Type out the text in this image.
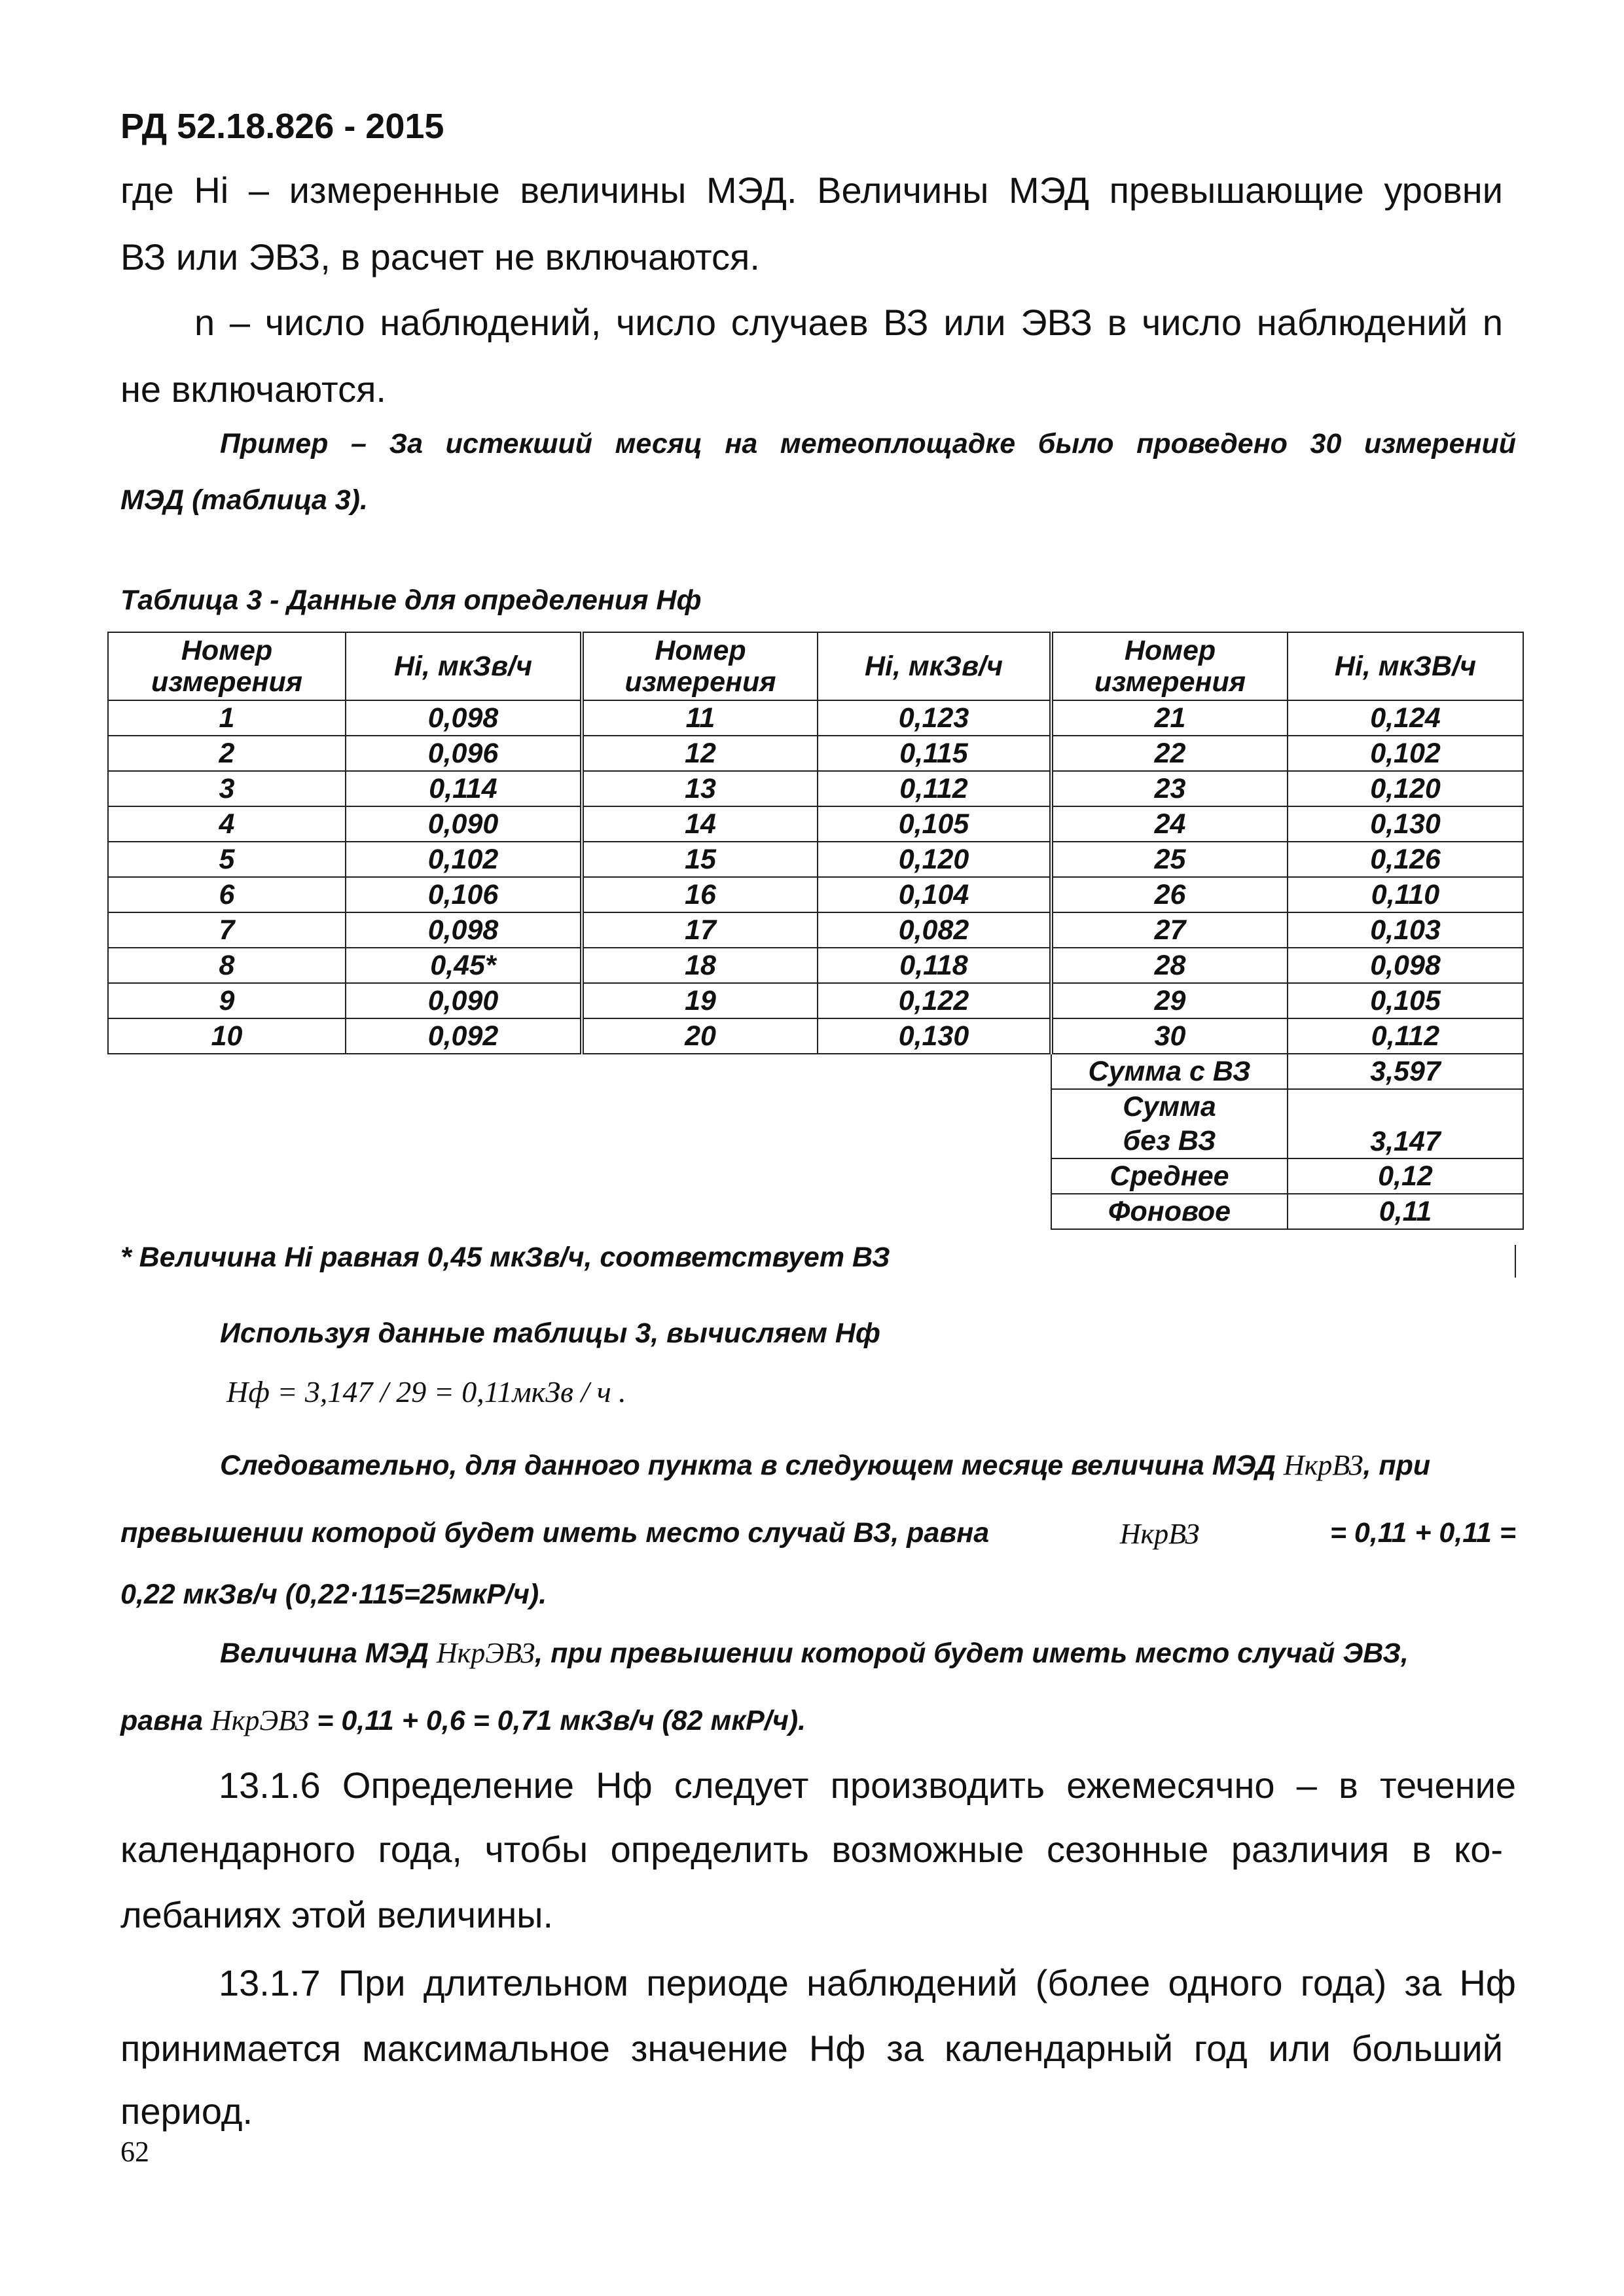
РД 52.18.826 - 2015
где Hi – измеренные величины МЭД. Величины МЭД превышающие уровни
ВЗ или ЭВЗ, в расчет не включаются.
n – число наблюдений, число случаев ВЗ или ЭВЗ в число наблюдений n
не включаются.
Пример – За истекший месяц на метеоплощадке было проведено 30 измерений
МЭД (таблица 3).
Таблица 3 - Данные для определения Нф
Номер измерения	Hi, мкЗв/ч	Номер измерения	Hi, мкЗв/ч	Номер измерения	Hi, мкЗВ/ч
1	0,098	11	0,123	21	0,124
2	0,096	12	0,115	22	0,102
3	0,114	13	0,112	23	0,120
4	0,090	14	0,105	24	0,130
5	0,102	15	0,120	25	0,126
6	0,106	16	0,104	26	0,110
7	0,098	17	0,082	27	0,103
8	0,45*	18	0,118	28	0,098
9	0,090	19	0,122	29	0,105
10	0,092	20	0,130	30	0,112
				Сумма с ВЗ	3,597
				Сумма без ВЗ	3,147
				Среднее	0,12
				Фоновое	0,11
* Величина Hi равная 0,45 мкЗв/ч, соответствует ВЗ
Используя данные таблицы 3, вычисляем Нф
Hф = 3,147 / 29 = 0,11мкЗв / ч .
Следовательно, для данного пункта в следующем месяце величина МЭД HкрВЗ, при
превышении которой будет иметь место случай ВЗ, равна	HкрВЗ	= 0,11 + 0,11 =
0,22 мкЗв/ч (0,22·115=25мкР/ч).
Величина МЭД HкрЭВЗ, при превышении которой будет иметь место случай ЭВЗ,
равна HкрЭВЗ = 0,11 + 0,6 = 0,71 мкЗв/ч (82 мкР/ч).
13.1.6 Определение Нф следует производить ежемесячно – в течение
календарного года, чтобы определить возможные сезонные различия в ко-
лебаниях этой величины.
13.1.7 При длительном периоде наблюдений (более одного года) за Нф
принимается максимальное значение Нф за календарный год или больший
период.
62
